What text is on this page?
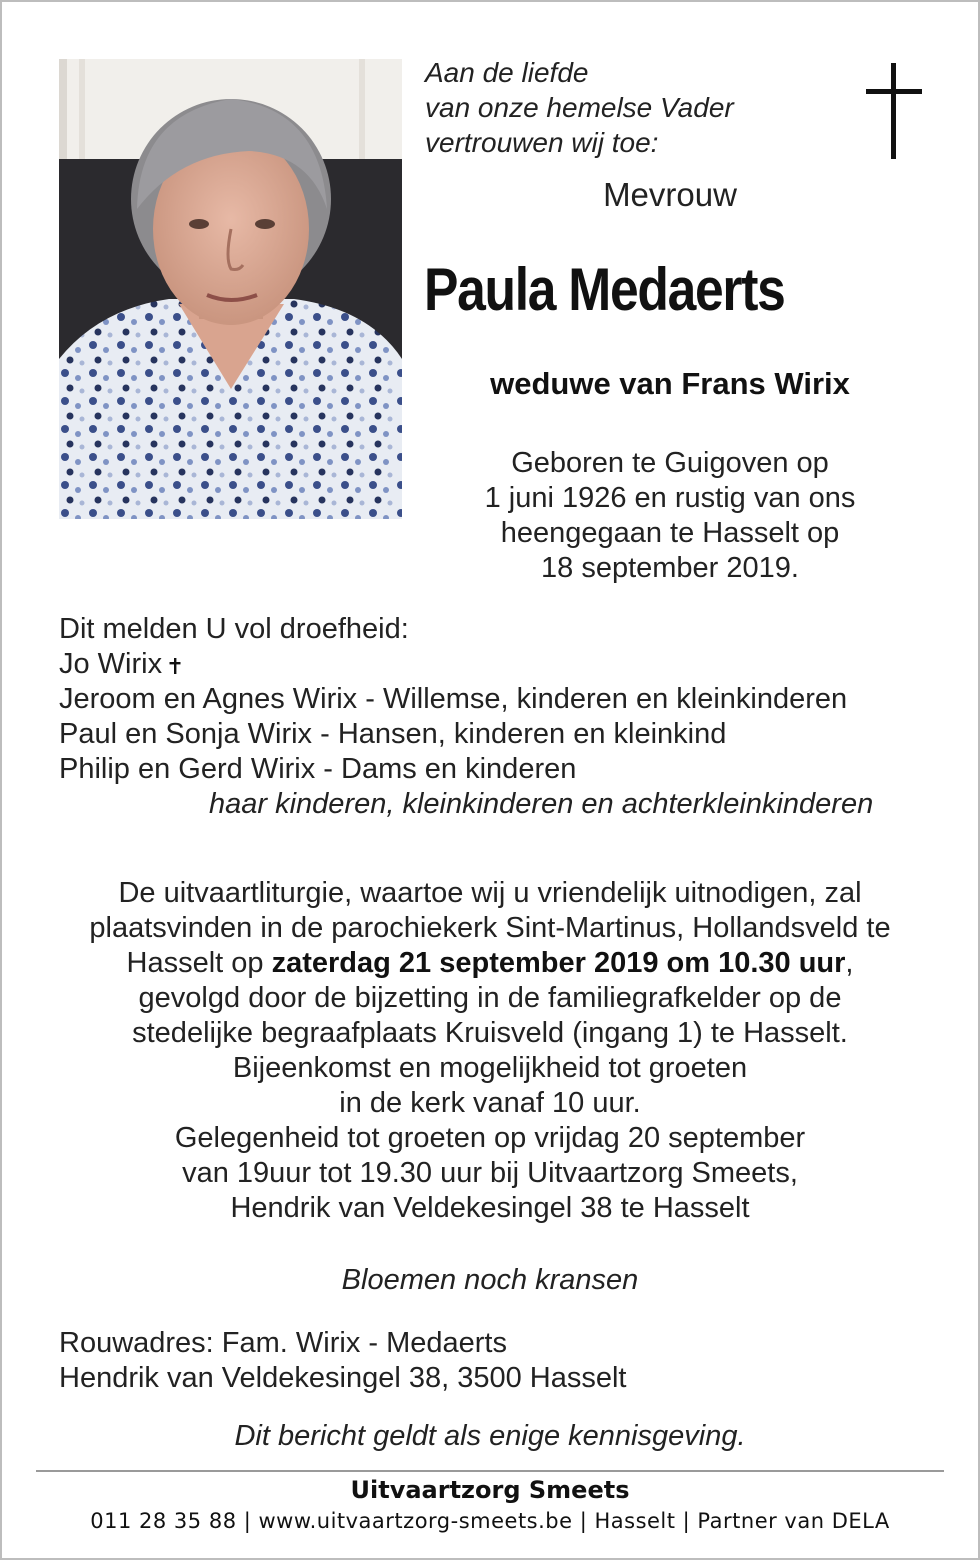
Aan de liefde
van onze hemelse Vader
vertrouwen wij toe:
Mevrouw
Paula Medaerts
weduwe van Frans Wirix
Geboren te Guigoven op
1 juni 1926 en rustig van ons
heengegaan te Hasselt op
18 september 2019.
Dit melden U vol droefheid:
Jo Wirix
Jeroom en Agnes Wirix - Willemse, kinderen en kleinkinderen
Paul en Sonja Wirix - Hansen, kinderen en kleinkind
Philip en Gerd Wirix - Dams en kinderen
haar kinderen, kleinkinderen en achterkleinkinderen
De uitvaartliturgie, waartoe wij u vriendelijk uitnodigen, zal
plaatsvinden in de parochiekerk Sint-Martinus, Hollandsveld te
Hasselt op zaterdag 21 september 2019 om 10.30 uur,
gevolgd door de bijzetting in de familiegrafkelder op de
stedelijke begraafplaats Kruisveld (ingang 1) te Hasselt.
Bijeenkomst en mogelijkheid tot groeten
in de kerk vanaf 10 uur.
Gelegenheid tot groeten op vrijdag 20 september
van 19uur tot 19.30 uur bij Uitvaartzorg Smeets,
Hendrik van Veldekesingel 38 te Hasselt
Bloemen noch kransen
Rouwadres: Fam. Wirix - Medaerts
Hendrik van Veldekesingel 38, 3500 Hasselt
Dit bericht geldt als enige kennisgeving.
Uitvaartzorg Smeets
011 28 35 88 | www.uitvaartzorg-smeets.be | Hasselt | Partner van DELA
